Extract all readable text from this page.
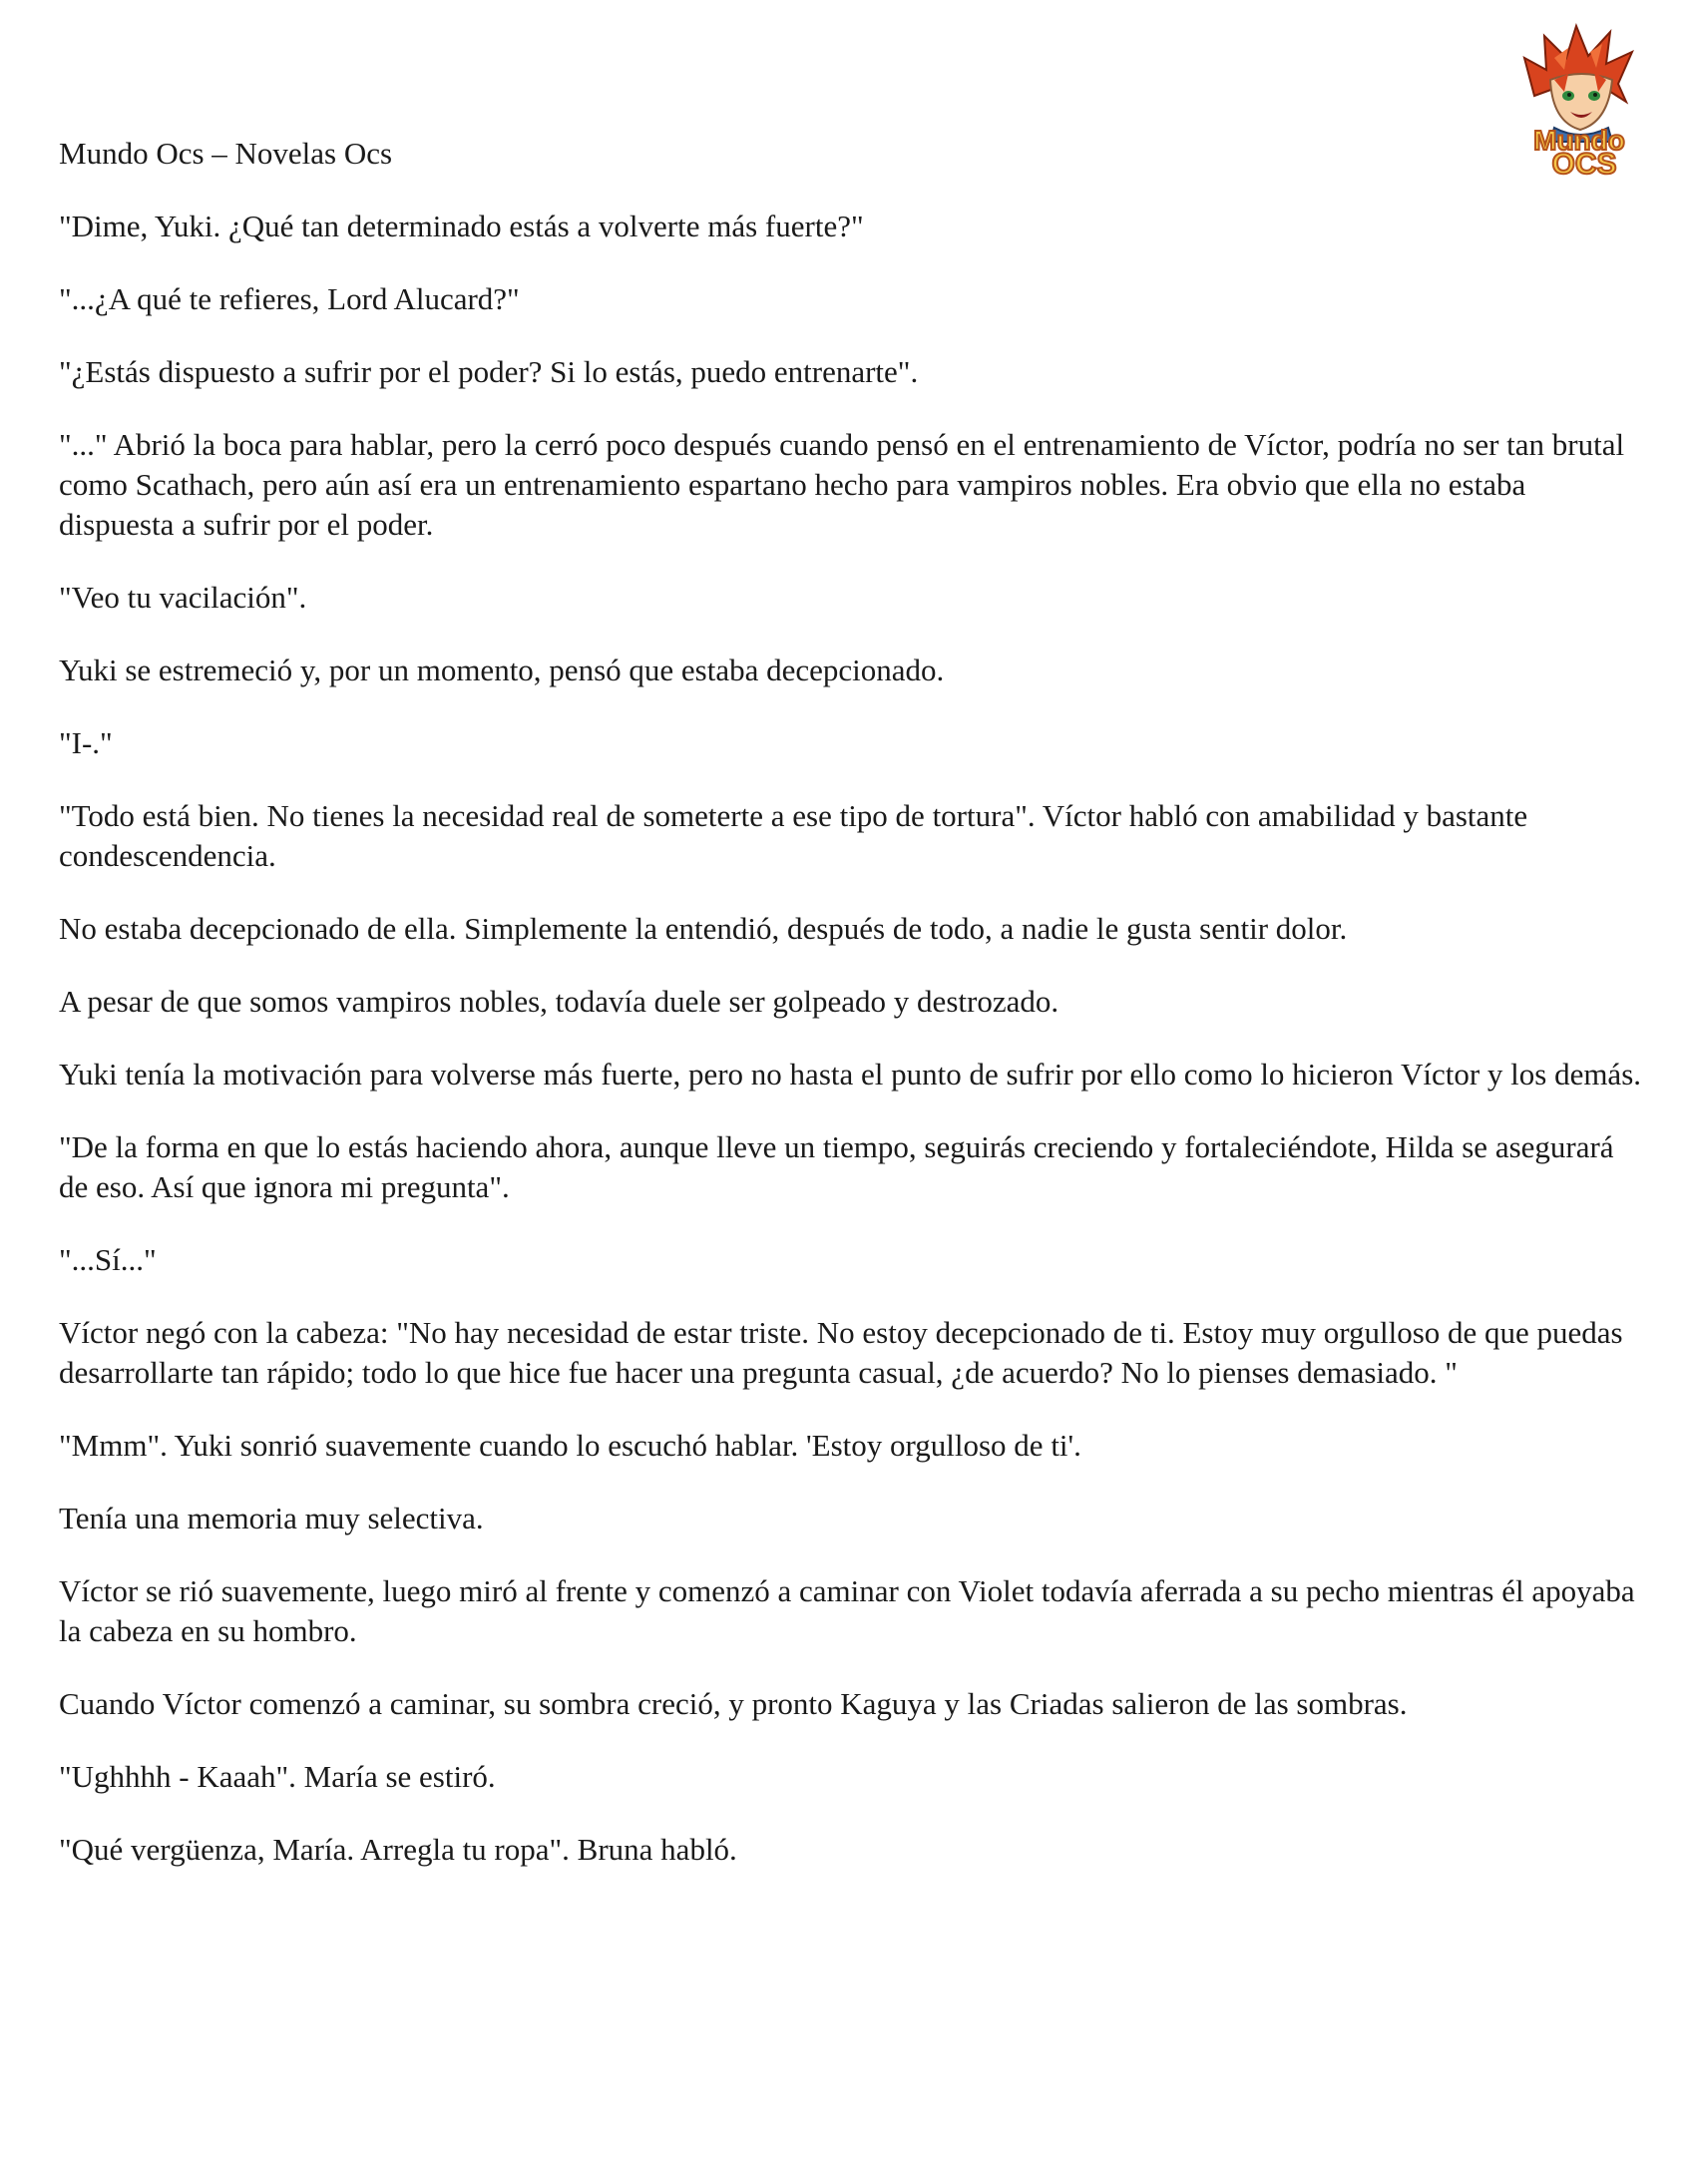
Mundo
OCS
Mundo Ocs – Novelas Ocs

"Dime, Yuki. ¿Qué tan determinado estás a volverte más fuerte?"

"...¿A qué te refieres, Lord Alucard?"

"¿Estás dispuesto a sufrir por el poder? Si lo estás, puedo entrenarte".

"..." Abrió la boca para hablar, pero la cerró poco después cuando pensó en el entrenamiento de Víctor, podría no ser tan brutal como Scathach, pero aún así era un entrenamiento espartano hecho para vampiros nobles. Era obvio que ella no estaba dispuesta a sufrir por el poder.

"Veo tu vacilación".

Yuki se estremeció y, por un momento, pensó que estaba decepcionado.

"I-."

"Todo está bien. No tienes la necesidad real de someterte a ese tipo de tortura". Víctor habló con amabilidad y bastante condescendencia.

No estaba decepcionado de ella. Simplemente la entendió, después de todo, a nadie le gusta sentir dolor.

A pesar de que somos vampiros nobles, todavía duele ser golpeado y destrozado.

Yuki tenía la motivación para volverse más fuerte, pero no hasta el punto de sufrir por ello como lo hicieron Víctor y los demás.

"De la forma en que lo estás haciendo ahora, aunque lleve un tiempo, seguirás creciendo y fortaleciéndote, Hilda se asegurará de eso. Así que ignora mi pregunta".

"...Sí..."

Víctor negó con la cabeza: "No hay necesidad de estar triste. No estoy decepcionado de ti. Estoy muy orgulloso de que puedas desarrollarte tan rápido; todo lo que hice fue hacer una pregunta casual, ¿de acuerdo? No lo pienses demasiado. "

"Mmm". Yuki sonrió suavemente cuando lo escuchó hablar. 'Estoy orgulloso de ti'.

Tenía una memoria muy selectiva.

Víctor se rió suavemente, luego miró al frente y comenzó a caminar con Violet todavía aferrada a su pecho mientras él apoyaba la cabeza en su hombro.

Cuando Víctor comenzó a caminar, su sombra creció, y pronto Kaguya y las Criadas salieron de las sombras.

"Ughhhh - Kaaah". María se estiró.

"Qué vergüenza, María. Arregla tu ropa". Bruna habló.
